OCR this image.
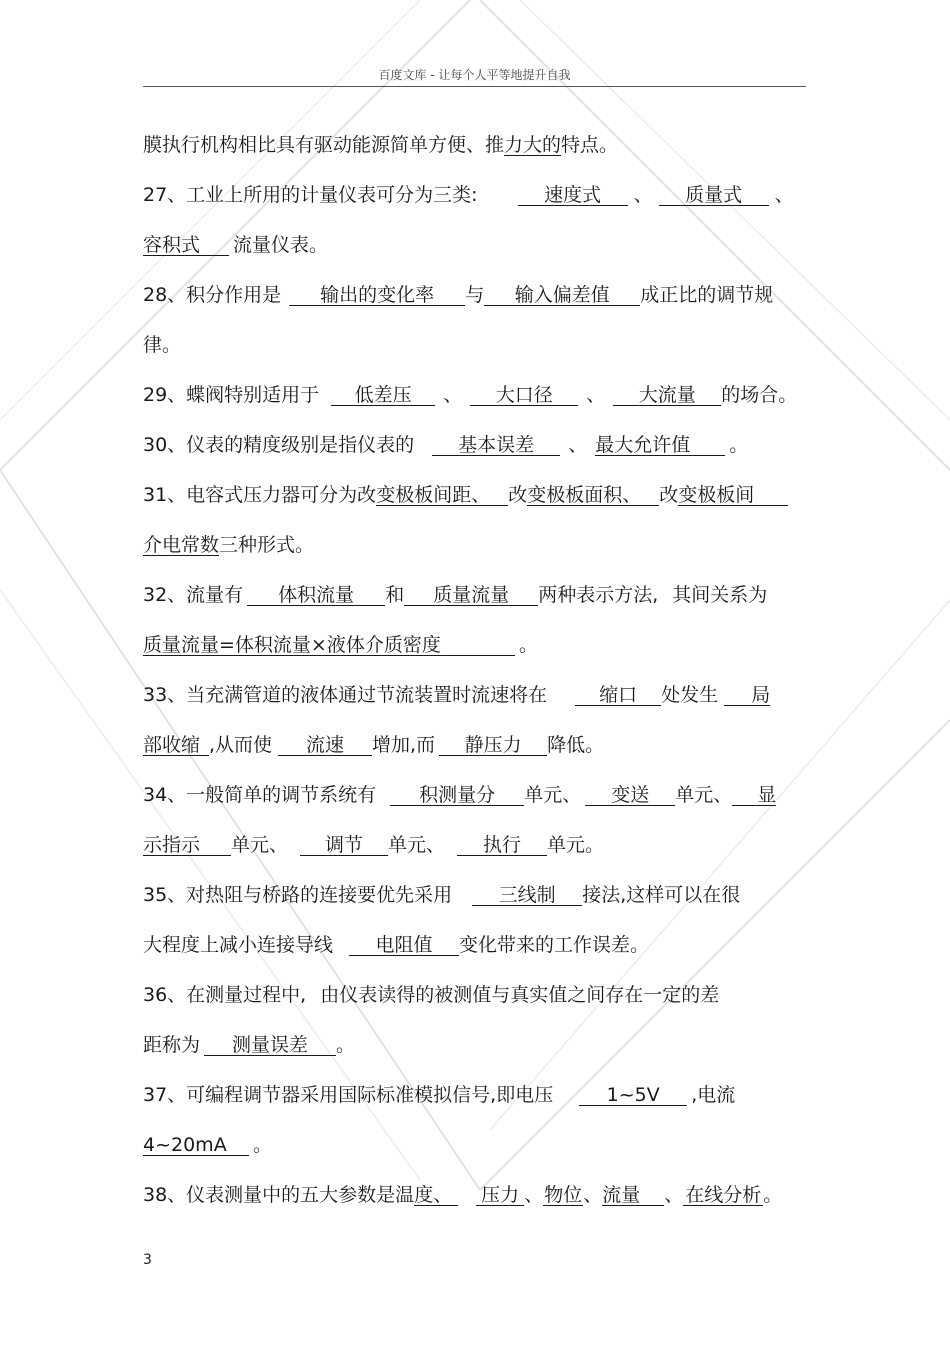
百度文库 - 让每个人平等地提升自我
膜执行机构相比具有驱动能源简单方便、推力大的特点。
27、工业上所用的计量仪表可分为三类:	速度式 、 质量式 、
容积式 流量仪表。
28、积分作用是 输出的变化率 与 输入偏差值 成正比的调节规
律。
29、蝶阀特别适用于 低差压 、 大口径 、 大流量 的场合。
30、仪表的精度级别是指仪表的 基本误差 、 最大允许值 。
31、电容式压力器可分为改变极板间距、 改变极板面积、 改变极板间
介电常数三种形式。
32、流量有 体积流量 和 质量流量 两种表示方法, 其间关系为
质量流量=体积流量×液体介质密度	。
33、当充满管道的液体通过节流装置时流速将在	缩口 处发生 局
部收缩 ,从而使 流速 增加,而 静压力 降低。
34、一般简单的调节系统有 积测量分 单元、 变送 单元、 显
示指示 单元、 调节 单元、 执行 单元。
35、对热阻与桥路的连接要优先采用 三线制 接法,这样可以在很
大程度上减小连接导线 电阻值 变化带来的工作误差。
36、在测量过程中, 由仪表读得的被测值与真实值之间存在一定的差
距称为 测量误差 。
37、可编程调节器采用国际标准模拟信号,即电压	1~5V ,电流
4~20mA 。
38、仪表测量中的五大参数是温度、 压力 、物位、流量 、 在线分析 。
3
